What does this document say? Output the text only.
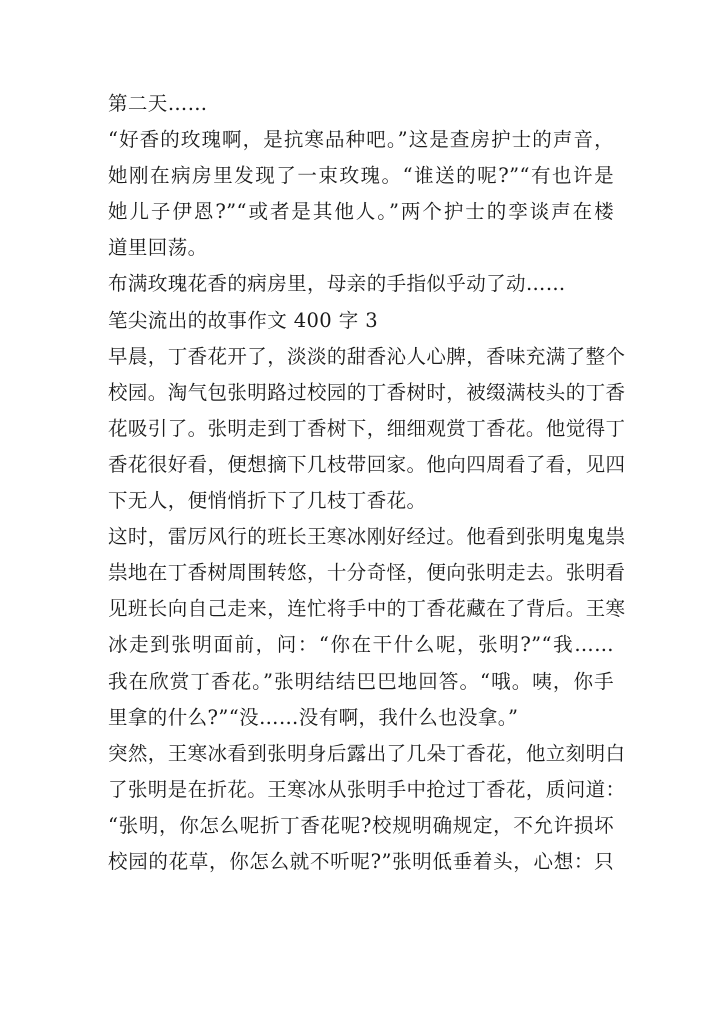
第二天……
“好香的玫瑰啊，是抗寒品种吧。”这是查房护士的声音，
她刚在病房里发现了一束玫瑰。“谁送的呢?”“有也许是
她儿子伊恩?”“或者是其他人。”两个护士的孪谈声在楼
道里回荡。
布满玫瑰花香的病房里，母亲的手指似乎动了动……
笔尖流出的故事作文 400 字 3
早晨，丁香花开了，淡淡的甜香沁人心脾，香味充满了整个
校园。淘气包张明路过校园的丁香树时，被缀满枝头的丁香
花吸引了。张明走到丁香树下，细细观赏丁香花。他觉得丁
香花很好看，便想摘下几枝带回家。他向四周看了看，见四
下无人，便悄悄折下了几枝丁香花。
这时，雷厉风行的班长王寒冰刚好经过。他看到张明鬼鬼祟
祟地在丁香树周围转悠，十分奇怪，便向张明走去。张明看
见班长向自己走来，连忙将手中的丁香花藏在了背后。王寒
冰走到张明面前，问：“你在干什么呢，张明?”“我……
我在欣赏丁香花。”张明结结巴巴地回答。“哦。咦，你手
里拿的什么?”“没……没有啊，我什么也没拿。”
突然，王寒冰看到张明身后露出了几朵丁香花，他立刻明白
了张明是在折花。王寒冰从张明手中抢过丁香花，质问道：
“张明，你怎么呢折丁香花呢?校规明确规定，不允许损坏
校园的花草，你怎么就不听呢?”张明低垂着头，心想：只
